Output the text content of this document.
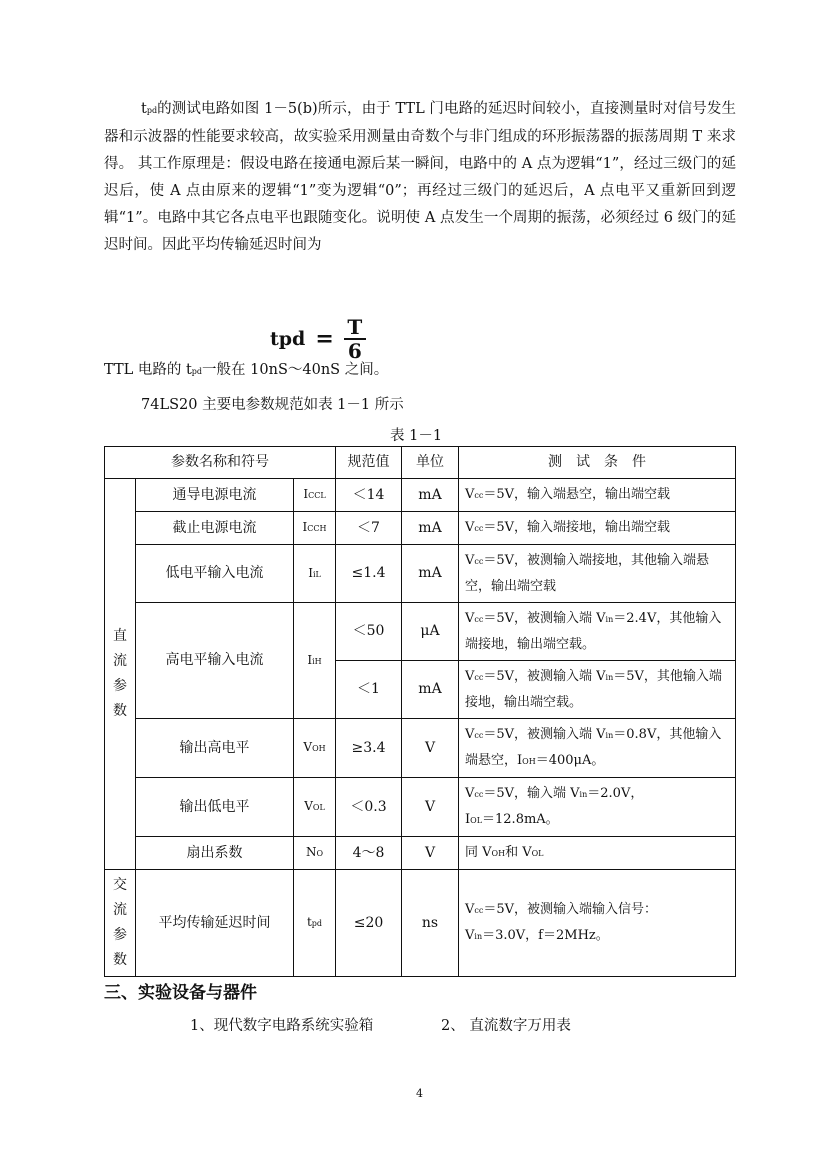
tpd的测试电路如图 1－5(b)所示，由于 TTL 门电路的延迟时间较小，直接测量时对信号发生器和示波器的性能要求较高，故实验采用测量由奇数个与非门组成的环形振荡器的振荡周期 T 来求得。 其工作原理是：假设电路在接通电源后某一瞬间，电路中的 A 点为逻辑“1”，经过三级门的延迟后，使 A 点由原来的逻辑“1”变为逻辑“0”；再经过三级门的延迟后，A 点电平又重新回到逻辑“1”。电路中其它各点电平也跟随变化。说明使 A 点发生一个周期的振荡，必须经过 6 级门的延迟时间。因此平均传输延迟时间为

tpd = $\frac{T}{6}$
TTL 电路的 tpd一般在 10nS～40nS 之间。
74LS20 主要电参数规范如表 1－1 所示
表 1－1
参数名称和符号			规范值	单位	测　试　条　件
直
流
参
数	通导电源电流	ICCL	＜14	mA	Vcc＝5V，输入端悬空，输出端空载
	截止电源电流	ICCH	＜7	mA	Vcc＝5V，输入端接地，输出端空载
	低电平输入电流	IiL	≤1.4	mA	Vcc＝5V，被测输入端接地，其他输入端悬空，输出端空载
	高电平输入电流	IiH	＜50	μA	Vcc＝5V，被测输入端 Vin＝2.4V，其他输入端接地，输出端空载。
			＜1	mA	Vcc＝5V，被测输入端 Vin＝5V，其他输入端接地，输出端空载。
	输出高电平	VOH	≥3.4	V	Vcc＝5V，被测输入端 Vin＝0.8V，其他输入端悬空，IOH＝400μA。
	输出低电平	VOL	＜0.3	V	Vcc＝5V，输入端 Vin＝2.0V，
IOL＝12.8mA。
	扇出系数	NO	4～8	V	同 VOH和 VOL
交
流
参
数	平均传输延迟时间	tpd	≤20	ns	Vcc＝5V，被测输入端输入信号：
Vin＝3.0V，f＝2MHz。
三、实验设备与器件
1、现代数字电路系统实验箱	2、 直流数字万用表
4
